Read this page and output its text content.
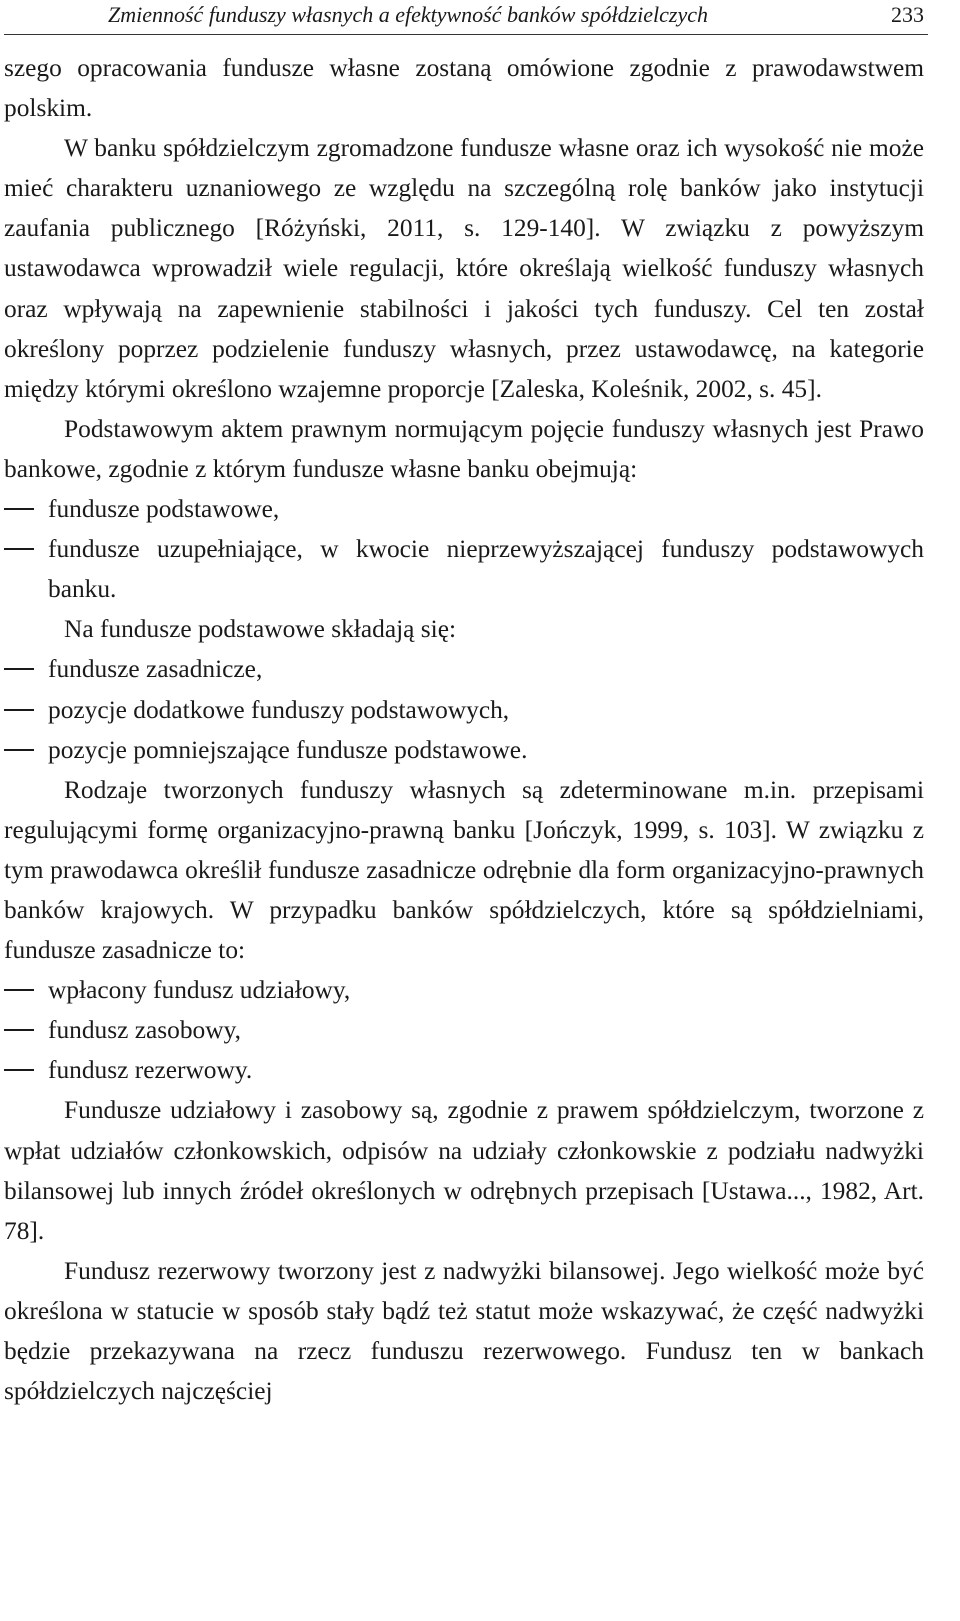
Zmienność funduszy własnych a efektywność banków spółdzielczych	233

szego opracowania fundusze własne zostaną omówione zgodnie z prawodawstwem polskim.

W banku spółdzielczym zgromadzone fundusze własne oraz ich wysokość nie może mieć charakteru uznaniowego ze względu na szczególną rolę banków jako instytucji zaufania publicznego [Różyński, 2011, s. 129-140]. W związku z powyższym ustawodawca wprowadził wiele regulacji, które określają wielkość funduszy własnych oraz wpływają na zapewnienie stabilności i jakości tych funduszy. Cel ten został określony poprzez podzielenie funduszy własnych, przez ustawodawcę, na kategorie między którymi określono wzajemne proporcje [Zaleska, Koleśnik, 2002, s. 45].

Podstawowym aktem prawnym normującym pojęcie funduszy własnych jest Prawo bankowe, zgodnie z którym fundusze własne banku obejmują:

fundusze podstawowe,
fundusze uzupełniające, w kwocie nieprzewyższającej funduszy podstawowych banku.

Na fundusze podstawowe składają się:

fundusze zasadnicze,
pozycje dodatkowe funduszy podstawowych,
pozycje pomniejszające fundusze podstawowe.

Rodzaje tworzonych funduszy własnych są zdeterminowane m.in. przepisami regulującymi formę organizacyjno-prawną banku [Jończyk, 1999, s. 103]. W związku z tym prawodawca określił fundusze zasadnicze odrębnie dla form organizacyjno-prawnych banków krajowych. W przypadku banków spółdzielczych, które są spółdzielniami, fundusze zasadnicze to:

wpłacony fundusz udziałowy,
fundusz zasobowy,
fundusz rezerwowy.

Fundusze udziałowy i zasobowy są, zgodnie z prawem spółdzielczym, tworzone z wpłat udziałów członkowskich, odpisów na udziały członkowskie z podziału nadwyżki bilansowej lub innych źródeł określonych w odrębnych przepisach [Ustawa..., 1982, Art. 78].

Fundusz rezerwowy tworzony jest z nadwyżki bilansowej. Jego wielkość może być określona w statucie w sposób stały bądź też statut może wskazywać, że część nadwyżki będzie przekazywana na rzecz funduszu rezerwowego. Fundusz ten w bankach spółdzielczych najczęściej
